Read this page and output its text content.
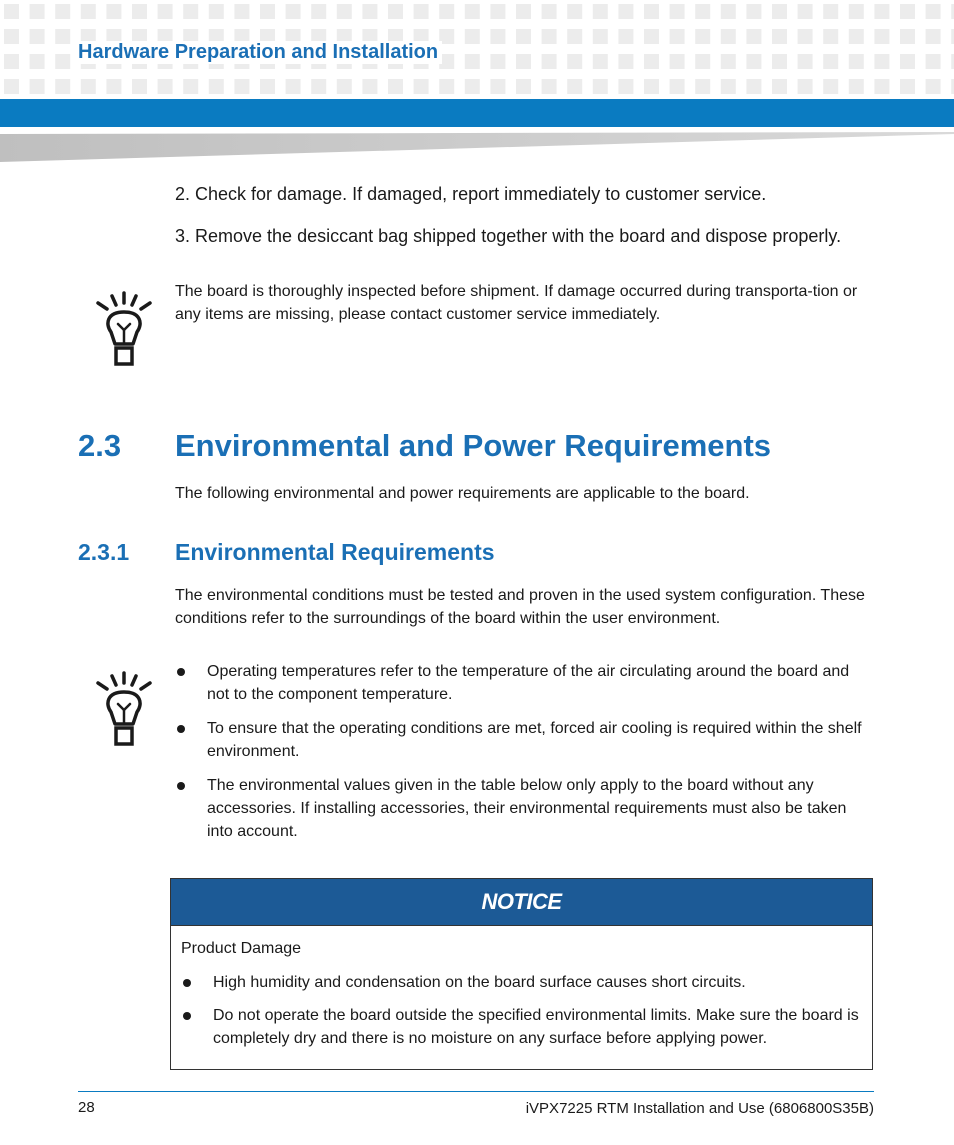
Hardware Preparation and Installation
2. Check for damage. If damaged, report immediately to customer service.
3. Remove the desiccant bag shipped together with the board and dispose properly.
The board is thoroughly inspected before shipment. If damage occurred during transporta-tion or any items are missing, please contact customer service immediately.
2.3 Environmental and Power Requirements
The following environmental and power requirements are applicable to the board.
2.3.1 Environmental Requirements
The environmental conditions must be tested and proven in the used system configuration. These conditions refer to the surroundings of the board within the user environment.
Operating temperatures refer to the temperature of the air circulating around the board and not to the component temperature.
To ensure that the operating conditions are met, forced air cooling is required within the shelf environment.
The environmental values given in the table below only apply to the board without any accessories. If installing accessories, their environmental requirements must also be taken into account.
NOTICE
Product Damage
High humidity and condensation on the board surface causes short circuits.
Do not operate the board outside the specified environmental limits. Make sure the board is completely dry and there is no moisture on any surface before applying power.
28	iVPX7225 RTM Installation and Use (6806800S35B)
